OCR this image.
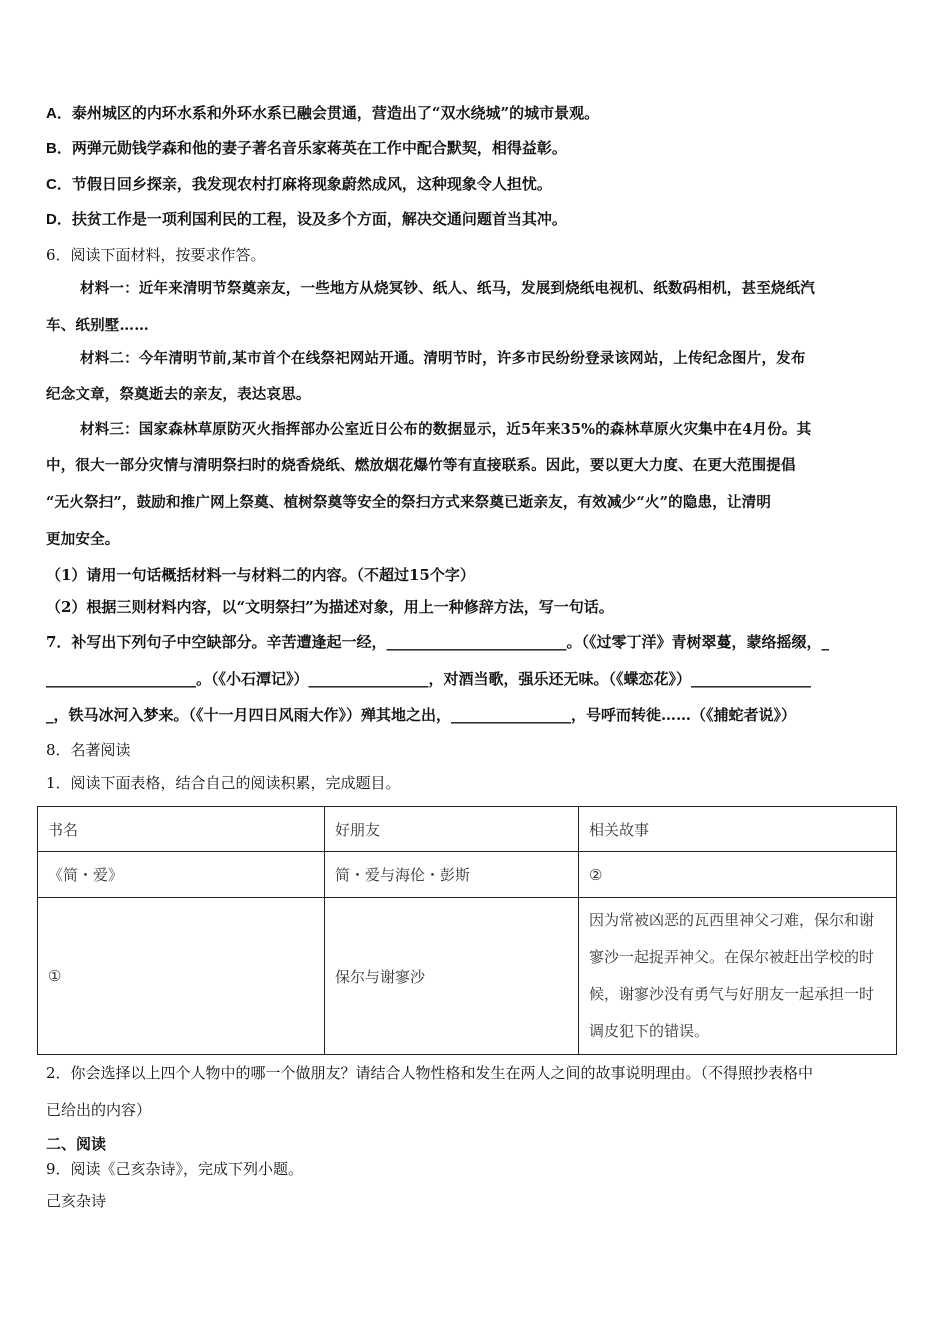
A．泰州城区的内环水系和外环水系已融会贯通，营造出了“双水绕城”的城市景观。
B．两弹元勋钱学森和他的妻子著名音乐家蒋英在工作中配合默契，相得益彰。
C．节假日回乡探亲，我发现农村打麻将现象蔚然成风，这种现象令人担忧。
D．扶贫工作是一项利国利民的工程，设及多个方面，解决交通问题首当其冲。
6．阅读下面材料，按要求作答。
材料一：近年来清明节祭奠亲友，一些地方从烧冥钞、纸人、纸马，发展到烧纸电视机、纸数码相机，甚至烧纸汽
车、纸别墅……
材料二：今年清明节前,某市首个在线祭祀网站开通。清明节时，许多市民纷纷登录该网站，上传纪念图片，发布
纪念文章，祭奠逝去的亲友，表达哀思。
材料三：国家森林草原防灭火指挥部办公室近日公布的数据显示，近5年来35%的森林草原火灾集中在4月份。其
中，很大一部分灾情与清明祭扫时的烧香烧纸、燃放烟花爆竹等有直接联系。因此，要以更大力度、在更大范围提倡
“无火祭扫”，鼓励和推广网上祭奠、植树祭奠等安全的祭扫方式来祭奠已逝亲友，有效减少“火”的隐患，让清明
更加安全。
（1）请用一句话概括材料一与材料二的内容。（不超过15个字）
（2）根据三则材料内容，以“文明祭扫”为描述对象，用上一种修辞方法，写一句话。
7．补写出下列句子中空缺部分。辛苦遭逢起一经，________________________。（《过零丁洋》青树翠蔓，蒙络摇缀，_
____________________。（《小石潭记》）________________，对酒当歌，强乐还无味。（《蝶恋花》）________________
_，铁马冰河入梦来。（《十一月四日风雨大作》）殚其地之出，________________，号呼而转徙……（《捕蛇者说》）
8．名著阅读
1．阅读下面表格，结合自己的阅读积累，完成题目。
书名	好朋友	相关故事
《简・爱》	简・爱与海伦・彭斯	②
①	保尔与谢寥沙	因为常被凶恶的瓦西里神父刁难，保尔和谢寥沙一起捉弄神父。在保尔被赶出学校的时候，谢寥沙没有勇气与好朋友一起承担一时调皮犯下的错误。
2．你会选择以上四个人物中的哪一个做朋友？请结合人物性格和发生在两人之间的故事说明理由。（不得照抄表格中
已给出的内容）
二、阅读
9．阅读《己亥杂诗》，完成下列小题。
己亥杂诗
